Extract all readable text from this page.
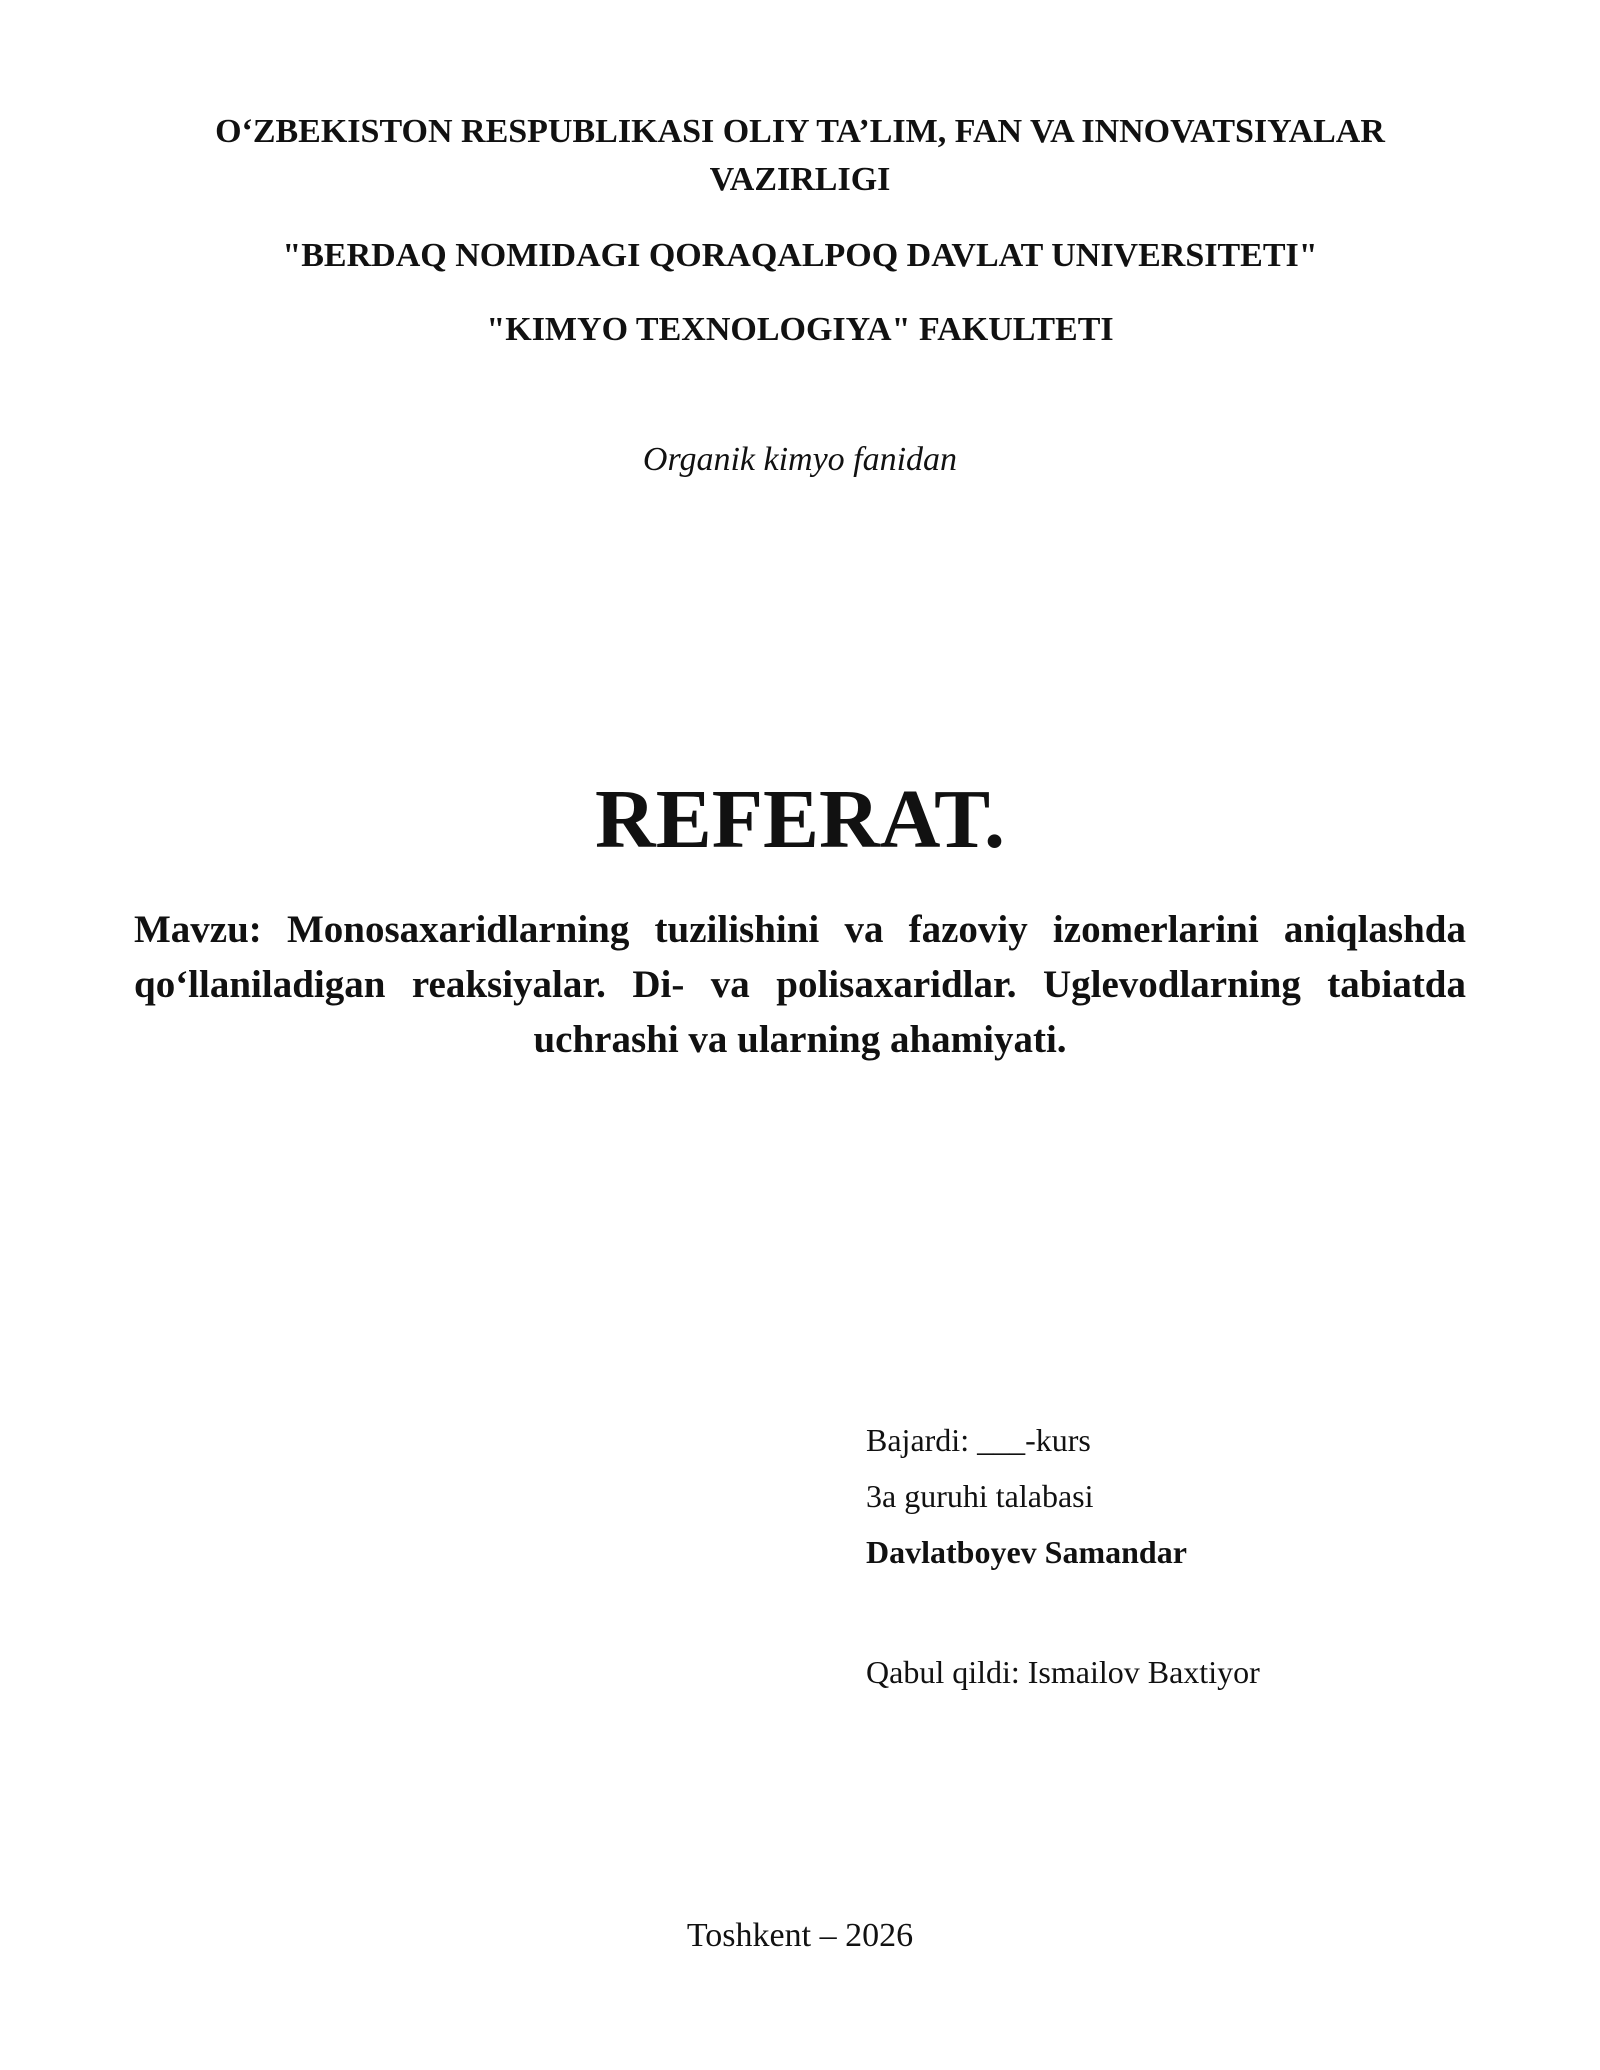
O‘ZBEKISTON RESPUBLIKASI OLIY TA’LIM, FAN VA INNOVATSIYALAR VAZIRLIGI
"BERDAQ NOMIDAGI QORAQALPOQ DAVLAT UNIVERSITETI"
"KIMYO TEXNOLOGIYA" FAKULTETI
Organik kimyo fanidan
REFERAT.
Mavzu: Monosaxaridlarning tuzilishini va fazoviy izomerlarini aniqlashda qo‘llaniladigan reaksiyalar. Di- va polisaxaridlar. Uglevodlarning tabiatda uchrashi va ularning ahamiyati.
Bajardi: ___-kurs
3a guruhi talabasi
Davlatboyev Samandar
Qabul qildi: Ismailov Baxtiyor
Toshkent – 2026
